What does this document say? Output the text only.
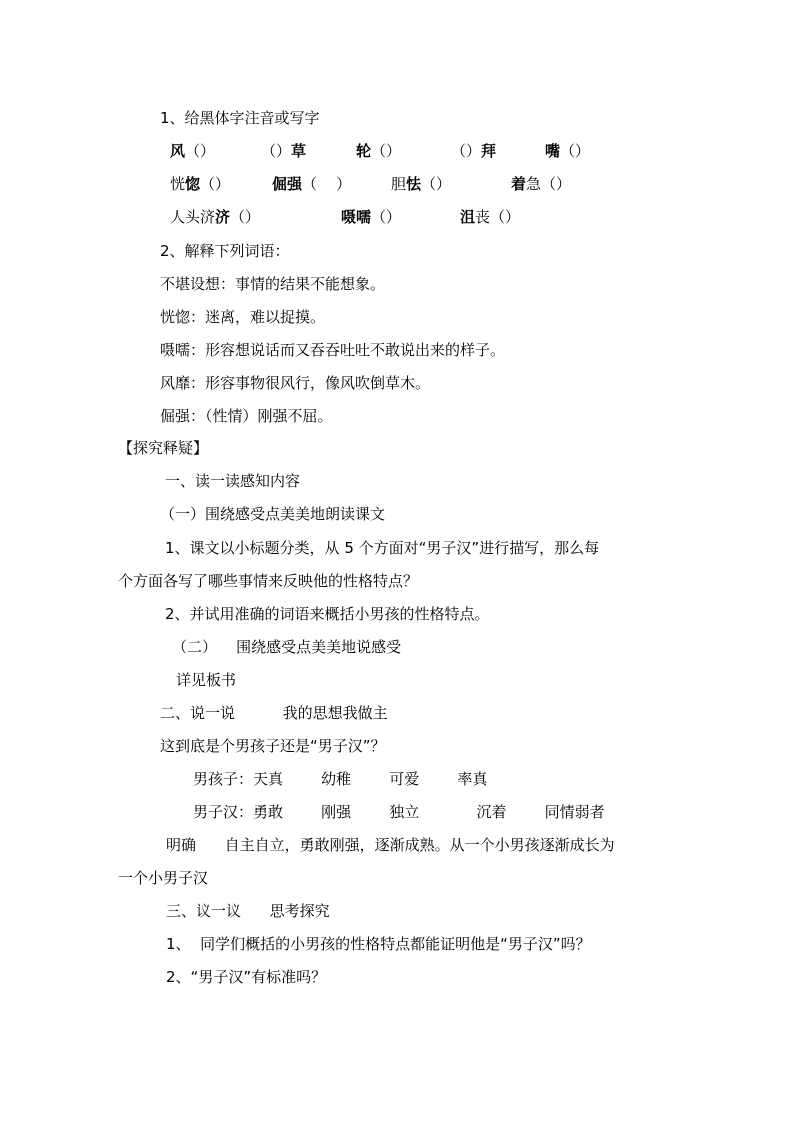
1、给黑体字注音或写字
风（）	（）草	轮（）	（）拜	嘴（）
恍惚（）	倔强（    ）	胆怯（）	着急（）
人头济济（）	嗫嚅（）	沮丧（）
2、解释下列词语：
不堪设想：事情的结果不能想象。
恍惚：迷离，难以捉摸。
嗫嚅：形容想说话而又吞吞吐吐不敢说出来的样子。
风靡：形容事物很风行，像风吹倒草木。
倔强：（性情）刚强不屈。
【探究释疑】
一、读一读感知内容
（一）围绕感受点美美地朗读课文
1、课文以小标题分类，从 5 个方面对“男子汉”进行描写，那么每
个方面各写了哪些事情来反映他的性格特点？
2、并试用准确的词语来概括小男孩的性格特点。
（二）    围绕感受点美美地说感受
详见板书
二、说一说          我的思想我做主
这到底是个男孩子还是“男子汉”？
男孩子：天真        幼稚        可爱        率真
男子汉：勇敢        刚强        独立            沉着        同情弱者
明确      自主自立，勇敢刚强，逐渐成熟。从一个小男孩逐渐成长为
一个小男子汉
三、议一议      思考探究
1、  同学们概括的小男孩的性格特点都能证明他是“男子汉”吗？
2、“男子汉”有标准吗？
